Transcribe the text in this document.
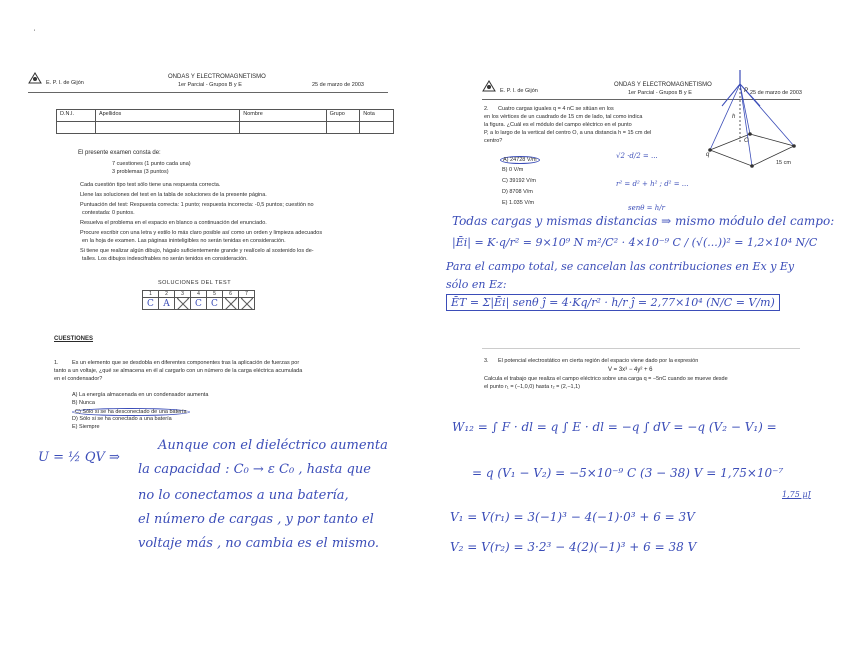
'
E. P. I. de Gijón
ONDAS Y ELECTROMAGNETISMO
1er Parcial - Grupos B y E	25 de marzo de 2003
D.N.I.	Apellidos	Nombre	Grupo	Nota

El presente examen consta de:
7 cuestiones (1 punto cada una)
3 problemas (3 puntos)
Cada cuestión tipo test sólo tiene una respuesta correcta.
Llene las soluciones del test en la tabla de soluciones de la presente página.
Puntuación del test: Respuesta correcta: 1 punto; respuesta incorrecta: -0,5 puntos; cuestión no
contestada: 0 puntos.
Resuelva el problema en el espacio en blanco a continuación del enunciado.
Procure escribir con una letra y estilo lo más claro posible así como un orden y limpieza adecuados
en la hoja de examen. Las páginas ininteligibles no serán tenidas en consideración.
Si tiene que realizar algún dibujo, hágalo suficientemente grande y realícelo al sostenido los de-
talles. Los dibujos indescifrables no serán tenidos en consideración.
SOLUCIONES DEL TEST
1	2	3	4	5	6	7
C	A		C	C		
CUESTIONES
1. Es un elemento que se desdobla en diferentes componentes tras la aplicación de fuerzas por
tanto a un voltaje, ¿qué se almacena en él al cargarlo con un número de la carga eléctrica acumulada
en el condensador?
A) La energía almacenada en un condensador aumenta
B) Nunca
C) Sólo si se ha desconectado de una batería
D) Sólo si se ha conectado a una batería
E) Siempre
U = ½ QV ⇒
Aunque con el dieléctrico aumenta
la capacidad : C₀ → ε C₀ , hasta que
no lo conectamos a una batería,
el número de cargas , y por tanto el
voltaje más , no cambia es el mismo.
E. P. I. de Gijón
ONDAS Y ELECTROMAGNETISMO
1er Parcial - Grupos B y E	25 de marzo de 2003
2. Cuatro cargas iguales q = 4 nC se sitúan en los
en los vértices de un cuadrado de 15 cm de lado, tal como indica
la figura. ¿Cuál es el módulo del campo eléctrico en el punto
P, a lo largo de la vertical del centro O, a una distancia h = 15 cm del
centro?
A) 24728 V/m
B) 0 V/m
C) 39192 V/m
D) 8708 V/m
E) 1.035 V/m
√2 ·d/2 = ...
r² = d² + h² ; d² = ...
senθ = h/r
P
h
O
q
15 cm
Todas cargas y mismas distancias ⇒ mismo módulo del campo:
|Ēi| = K·q/r² = 9×10⁹ N m²/C² · 4×10⁻⁹ C / (√(...))² = 1,2×10⁴ N/C
Para el campo total, se cancelan las contribuciones en Ex y Ey
sólo en Ez:
ĒT = Σ|Ēi| senθ ĵ = 4·Kq/r² · h/r ĵ = 2,77×10⁴ (N/C = V/m)
3. El potencial electrostático en cierta región del espacio viene dado por la expresión
V = 3x³ − 4y² + 6
Calcula el trabajo que realiza el campo eléctrico sobre una carga q = −5nC cuando se mueve desde
el punto r₁ = (−1,0,0) hasta r₂ = (2,−1,1)
W₁₂ = ∫ F · dl = q ∫ E · dl = −q ∫ dV = −q (V₂ − V₁) =
= q (V₁ − V₂) = −5×10⁻⁹ C (3 − 38) V = 1,75×10⁻⁷
1,75 μJ
V₁ = V(r₁) = 3(−1)³ − 4(−1)·0³ + 6 = 3V
V₂ = V(r₂) = 3·2³ − 4(2)(−1)³ + 6 = 38 V
